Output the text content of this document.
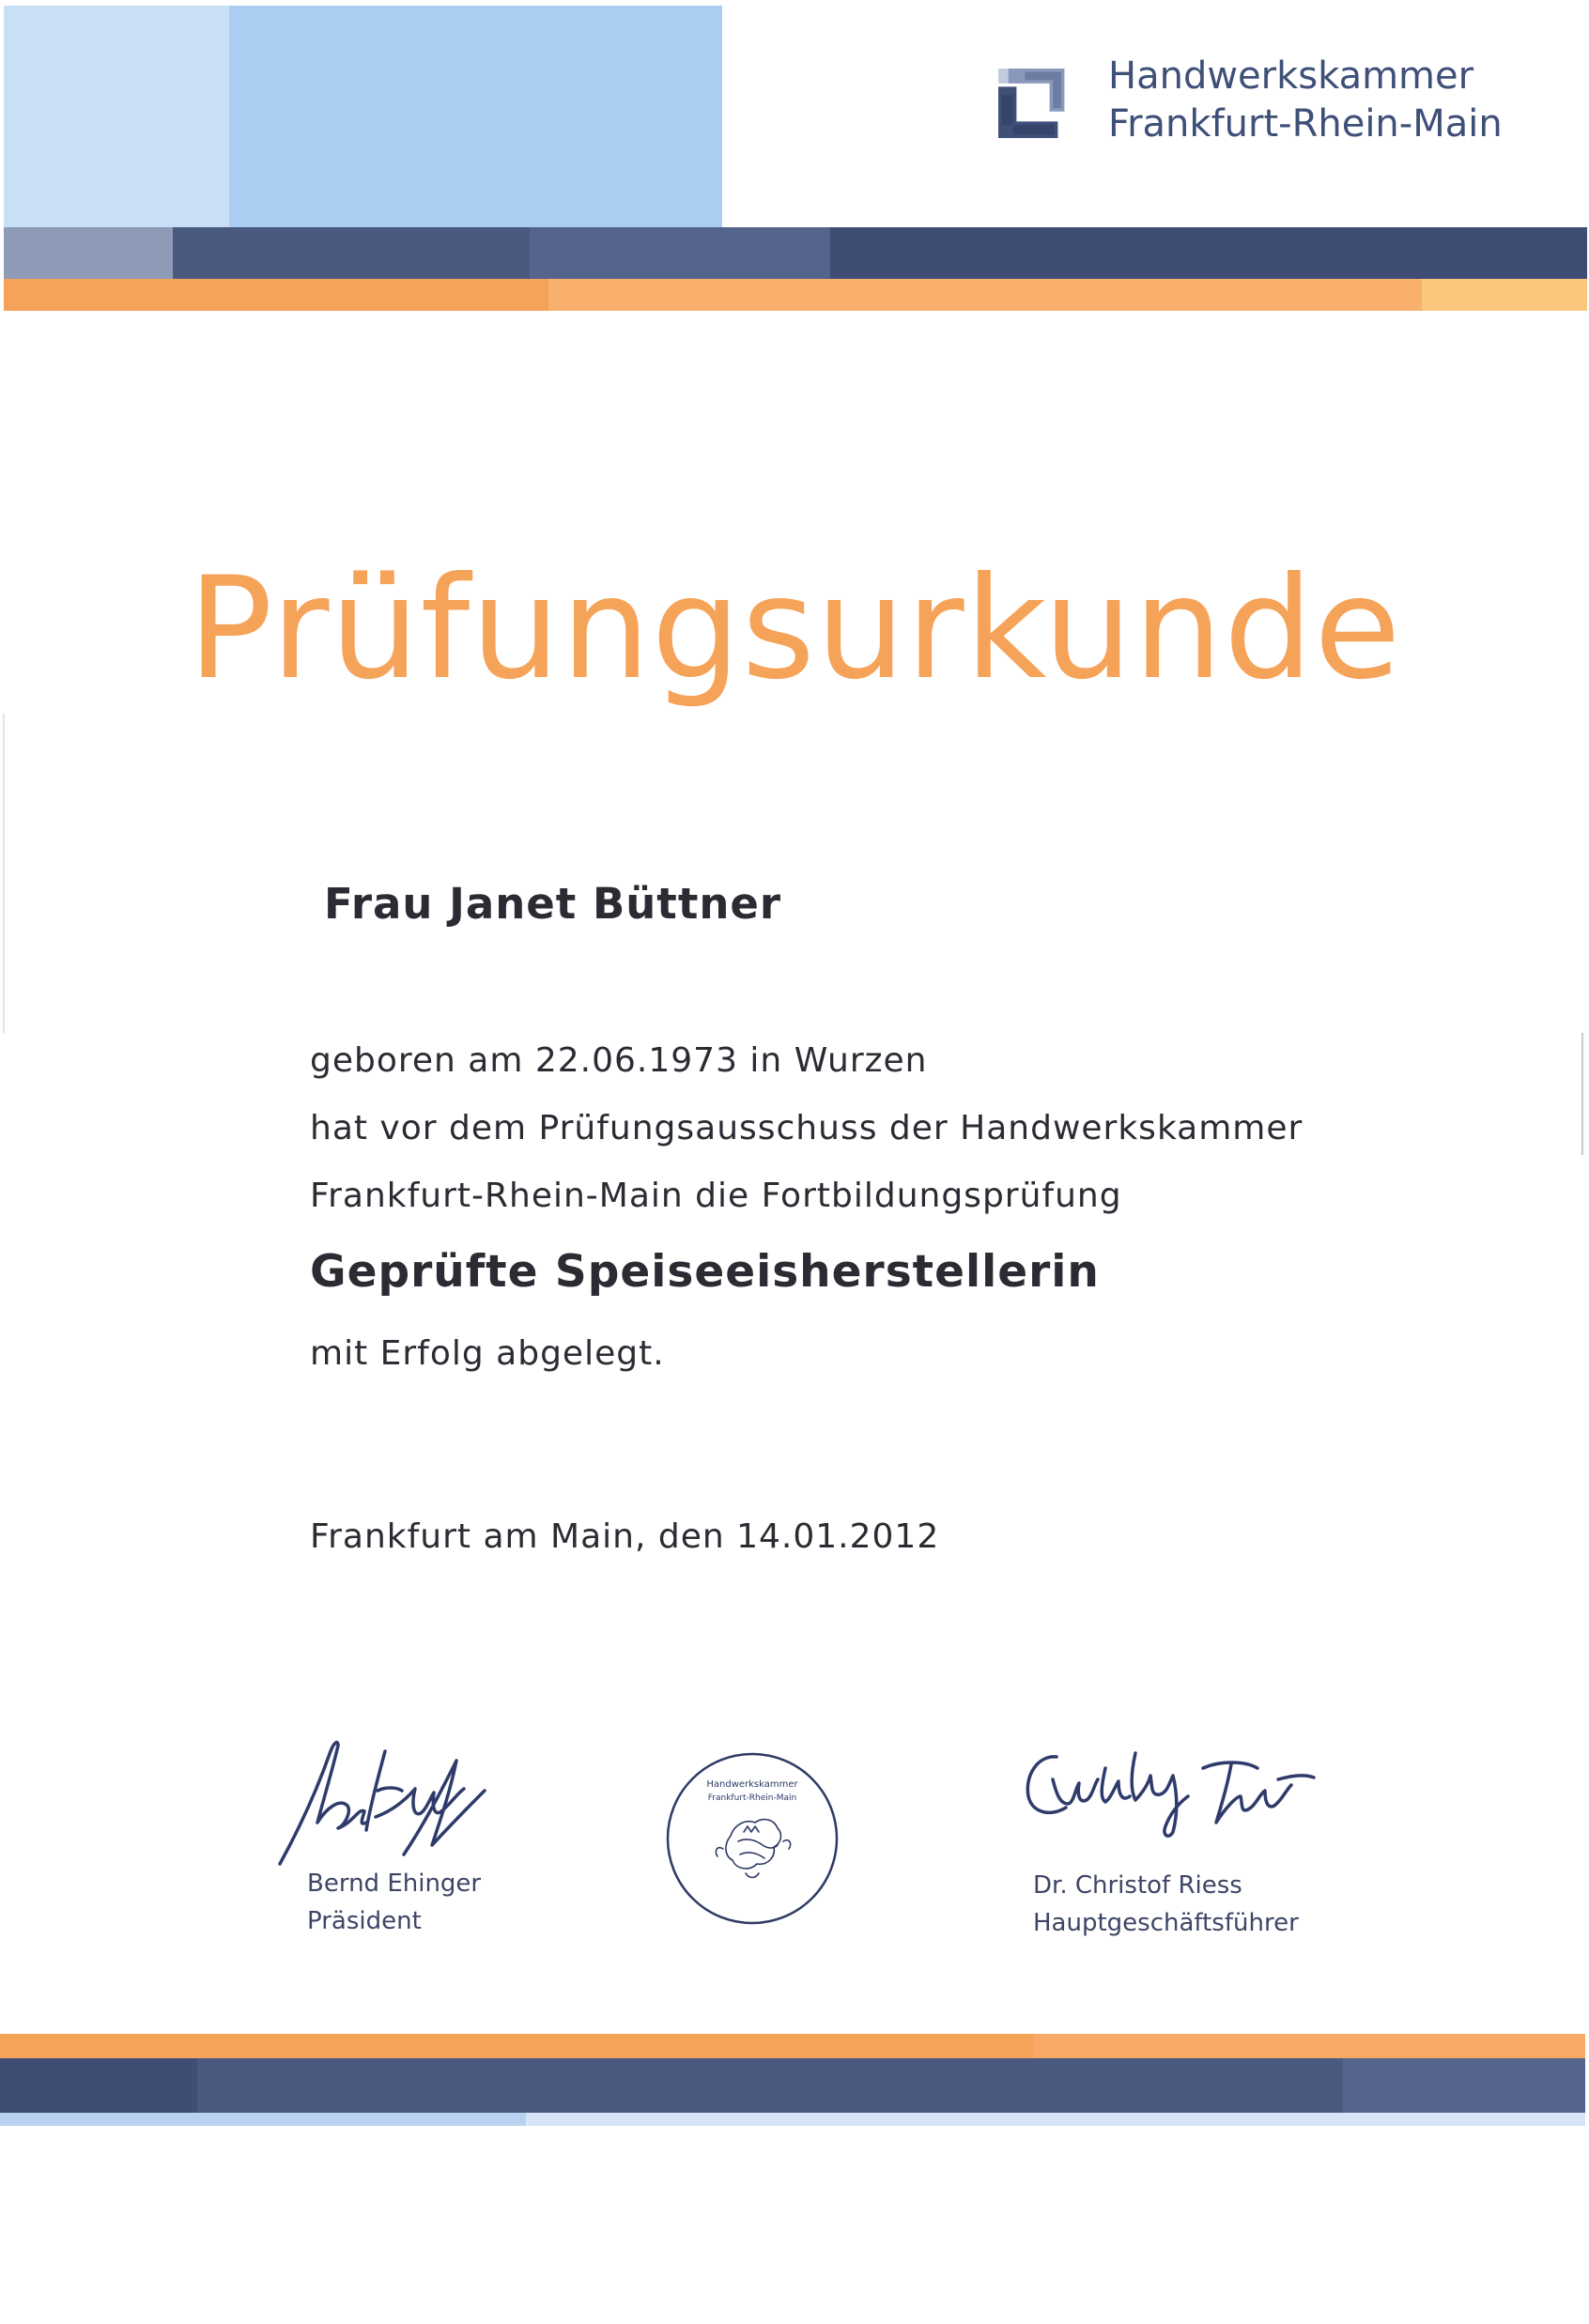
Handwerkskammer
Frankfurt-Rhein-Main
Prüfungsurkunde
Frau Janet Büttner
geboren am 22.06.1973 in Wurzen
hat vor dem Prüfungsausschuss der Handwerkskammer
Frankfurt-Rhein-Main die Fortbildungsprüfung
Geprüfte Speiseeisherstellerin
mit Erfolg abgelegt.
Frankfurt am Main, den 14.01.2012
Bernd Ehinger
Präsident
Handwerkskammer
Frankfurt-Rhein-Main
Dr. Christof Riess
Hauptgeschäftsführer
